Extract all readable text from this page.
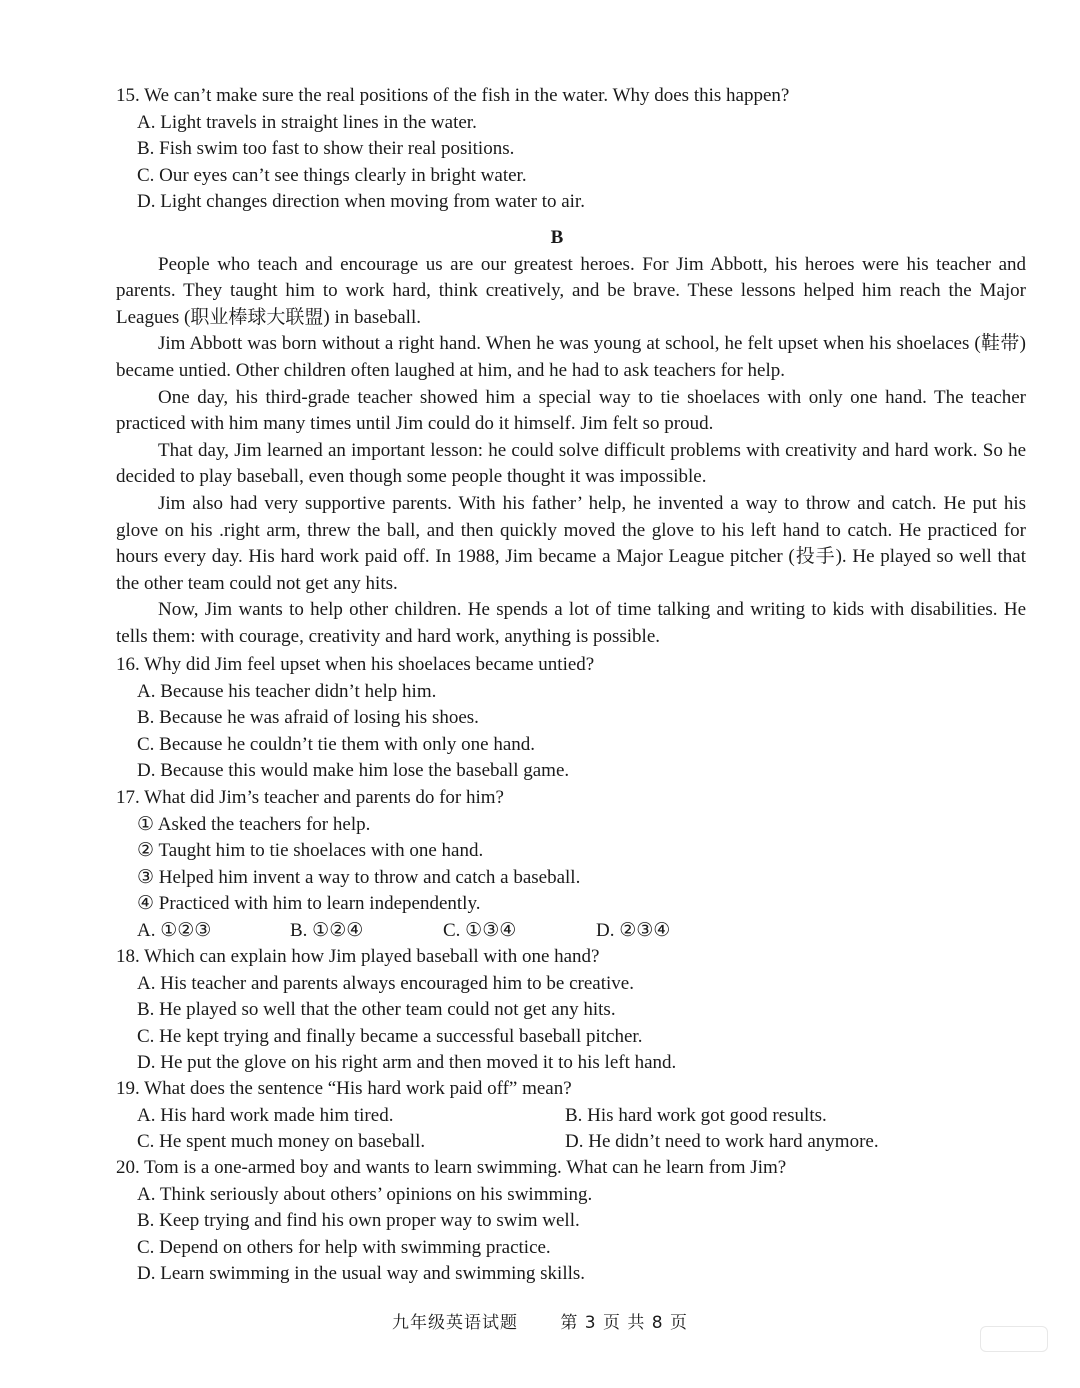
15. We can’t make sure the real positions of the fish in the water. Why does this happen?

A. Light travels in straight lines in the water.

B. Fish swim too fast to show their real positions.

C. Our eyes can’t see things clearly in bright water.

D. Light changes direction when moving from water to air.

B

People who teach and encourage us are our greatest heroes. For Jim Abbott, his heroes were his teacher and parents. They taught him to work hard, think creatively, and be brave. These lessons helped him reach the Major Leagues (职业棒球大联盟) in baseball.

Jim Abbott was born without a right hand. When he was young at school, he felt upset when his shoelaces (鞋带) became untied. Other children often laughed at him, and he had to ask teachers for help.

One day, his third-grade teacher showed him a special way to tie shoelaces with only one hand. The teacher practiced with him many times until Jim could do it himself. Jim felt so proud.

That day, Jim learned an important lesson: he could solve difficult problems with creativity and hard work. So he decided to play baseball, even though some people thought it was impossible.

Jim also had very supportive parents. With his father’ help, he invented a way to throw and catch. He put his glove on his .right arm, threw the ball, and then quickly moved the glove to his left hand to catch. He practiced for hours every day. His hard work paid off. In 1988, Jim became a Major League pitcher (投手). He played so well that the other team could not get any hits.

Now, Jim wants to help other children. He spends a lot of time talking and writing to kids with disabilities. He tells them: with courage, creativity and hard work, anything is possible.

16. Why did Jim feel upset when his shoelaces became untied?

A. Because his teacher didn’t help him.

B. Because he was afraid of losing his shoes.

C. Because he couldn’t tie them with only one hand.

D. Because this would make him lose the baseball game.

17. What did Jim’s teacher and parents do for him?

① Asked the teachers for help.

② Taught him to tie shoelaces with one hand.

③ Helped him invent a way to throw and catch a baseball.

④ Practiced with him to learn independently.

A. ①②③	B. ①②④	C. ①③④	D. ②③④

18. Which can explain how Jim played baseball with one hand?

A. His teacher and parents always encouraged him to be creative.

B. He played so well that the other team could not get any hits.

C. He kept trying and finally became a successful baseball pitcher.

D. He put the glove on his right arm and then moved it to his left hand.

19. What does the sentence “His hard work paid off” mean?

A. His hard work made him tired.	B. His hard work got good results.
C. He spent much money on baseball.	D. He didn’t need to work hard anymore.

20. Tom is a one-armed boy and wants to learn swimming. What can he learn from Jim?

A. Think seriously about others’ opinions on his swimming.

B. Keep trying and find his own proper way to swim well.

C. Depend on others for help with swimming practice.

D. Learn swimming in the usual way and swimming skills.

九年级英语试题 第 3 页 共 8 页
